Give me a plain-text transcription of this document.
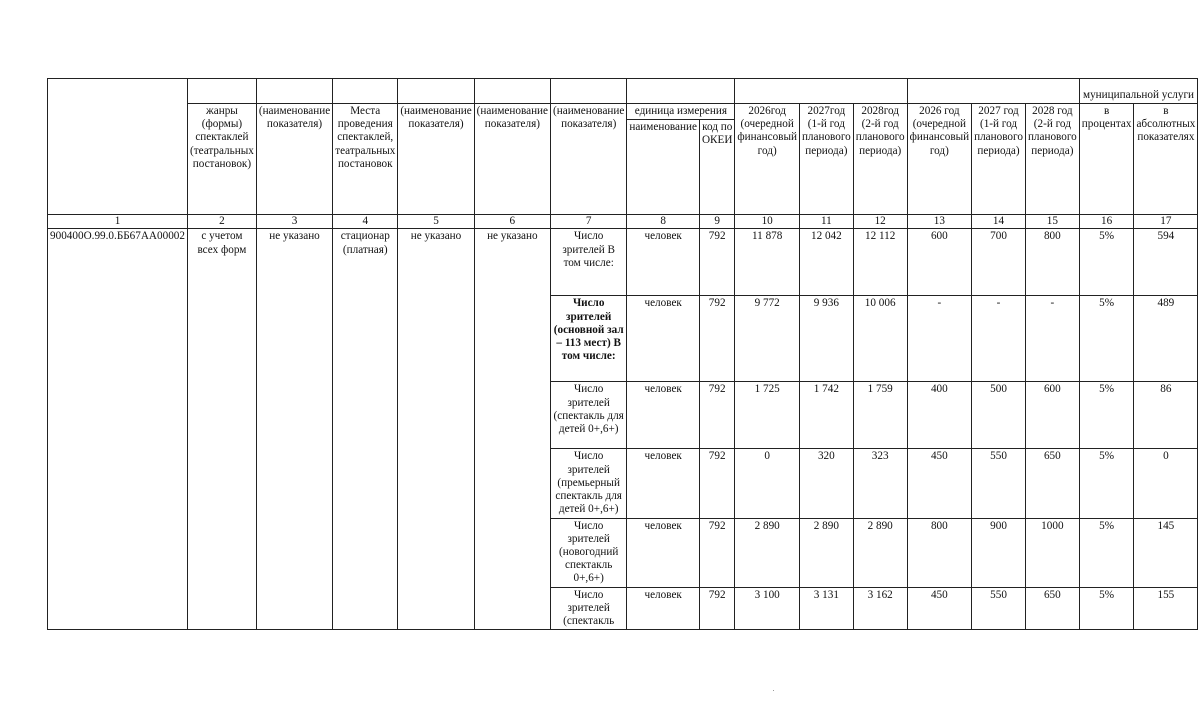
															муниципальной услуги	
	жанры (формы) спектаклей (театральных постановок)	(наименование показателя)	Места проведения спектаклей, театральных постановок	(наименование показателя)	(наименование показателя)	(наименование показателя)	единица измерения		2026год (очередной финансовый год)	2027год (1-й год планового периода)	2028год (2-й год планового периода)	2026 год (очередной финансовый год)	2027 год (1-й год планового периода)	2028 год (2-й год планового периода)	в процентах	в абсолютных показателях
							наименование	код по ОКЕИ								
1	2	3	4	5	6	7	8	9	10	11	12	13	14	15	16	17
900400О.99.0.ББ67АА00002	с учетом всех форм	не указано	стационар (платная)	не указано	не указано	Число зрителей В том числе:	человек	792	11 878	12 042	12 112	600	700	800	5%	594
						Число зрителей (основной зал – 113 мест) В том числе:	человек	792	9 772	9 936	10 006	-	-	-	5%	489
						Число зрителей (спектакль для детей 0+,6+)	человек	792	1 725	1 742	1 759	400	500	600	5%	86
						Число зрителей (премьерный спектакль для детей 0+,6+)	человек	792	0	320	323	450	550	650	5%	0
						Число зрителей (новогодний спектакль 0+,6+)	человек	792	2 890	2 890	2 890	800	900	1000	5%	145
						Число зрителей (спектакль	человек	792	3 100	3 131	3 162	450	550	650	5%	155
